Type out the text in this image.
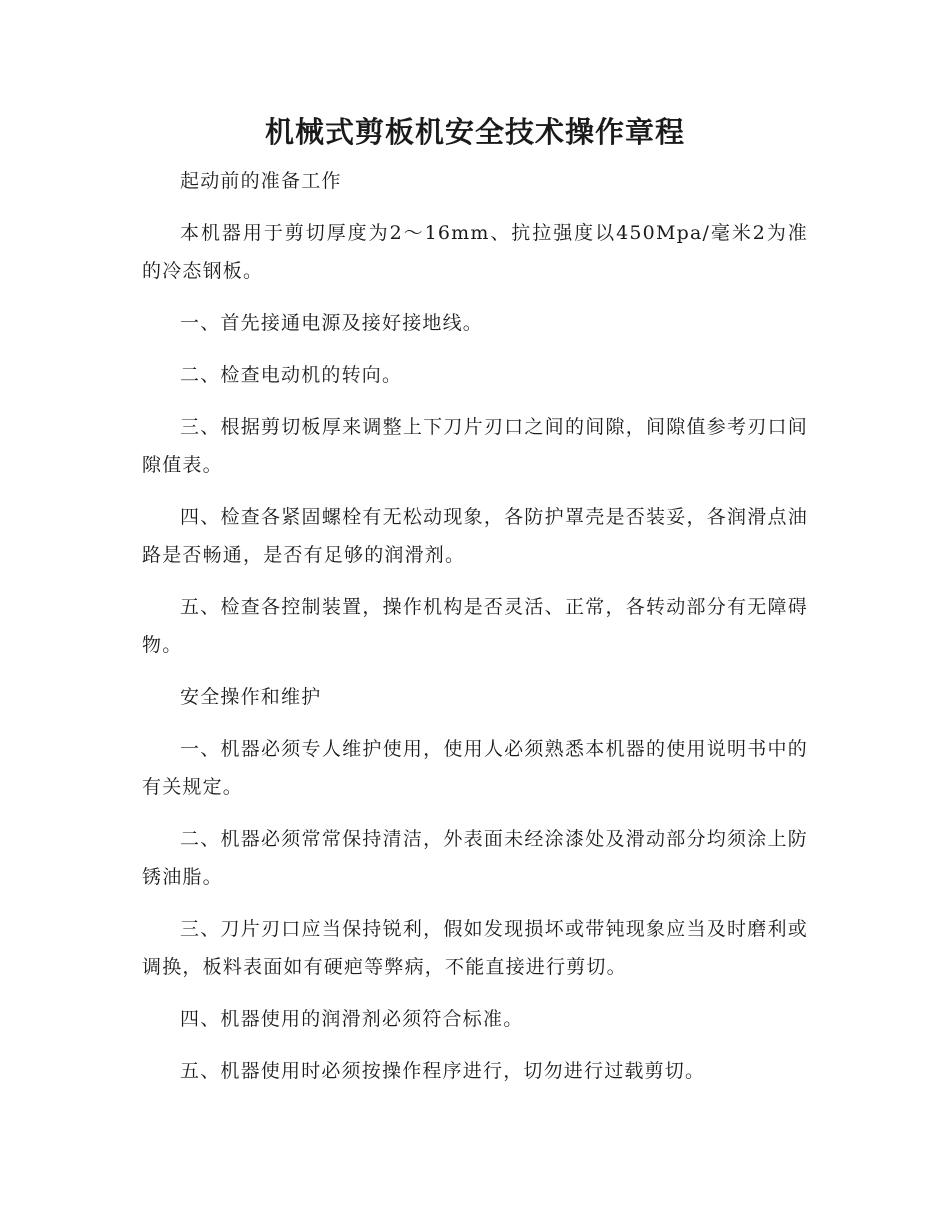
机械式剪板机安全技术操作章程

起动前的准备工作

本机器用于剪切厚度为2～16mm、抗拉强度以450Mpa/毫米2为准的冷态钢板。

一、首先接通电源及接好接地线。

二、检查电动机的转向。

三、根据剪切板厚来调整上下刀片刃口之间的间隙，间隙值参考刃口间隙值表。

四、检查各紧固螺栓有无松动现象，各防护罩壳是否装妥，各润滑点油路是否畅通，是否有足够的润滑剂。

五、检查各控制装置，操作机构是否灵活、正常，各转动部分有无障碍物。

安全操作和维护

一、机器必须专人维护使用，使用人必须熟悉本机器的使用说明书中的有关规定。

二、机器必须常常保持清洁，外表面未经涂漆处及滑动部分均须涂上防锈油脂。

三、刀片刃口应当保持锐利，假如发现损坏或带钝现象应当及时磨利或调换，板料表面如有硬疤等弊病，不能直接进行剪切。

四、机器使用的润滑剂必须符合标准。

五、机器使用时必须按操作程序进行，切勿进行过载剪切。
